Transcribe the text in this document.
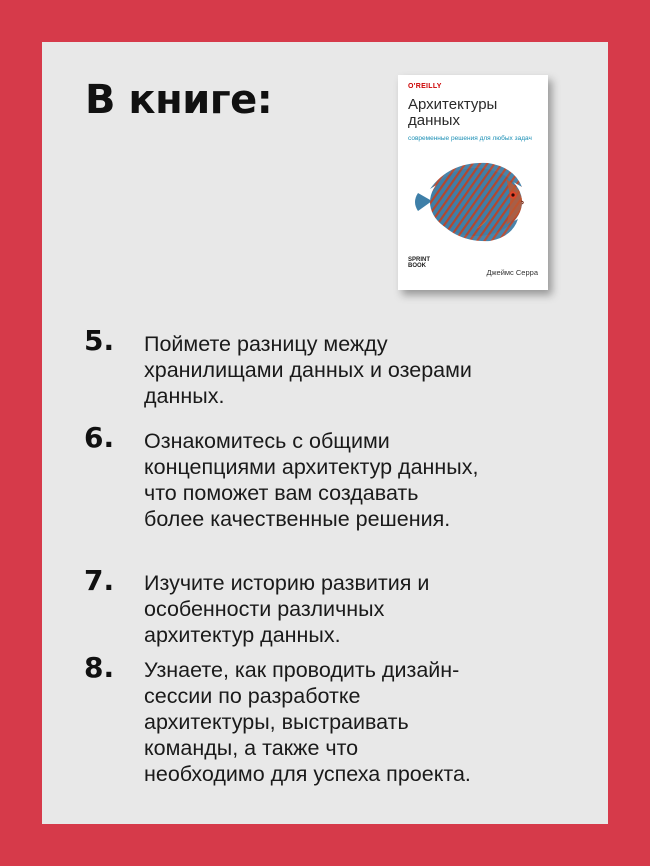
В книге:	O'REILLY
Архитектуры данных
современные решения для любых задач
SPRINT BOOK
Джеймс Серра
5. Поймете разницу между хранилищами данных и озерами данных.
6. Ознакомитесь с общими концепциями архитектур данных, что поможет вам создавать более качественные решения.
7. Изучите историю развития и особенности различных архитектур данных.
8. Узнаете, как проводить дизайн-сессии по разработке архитектуры, выстраивать команды, а также что необходимо для успеха проекта.
